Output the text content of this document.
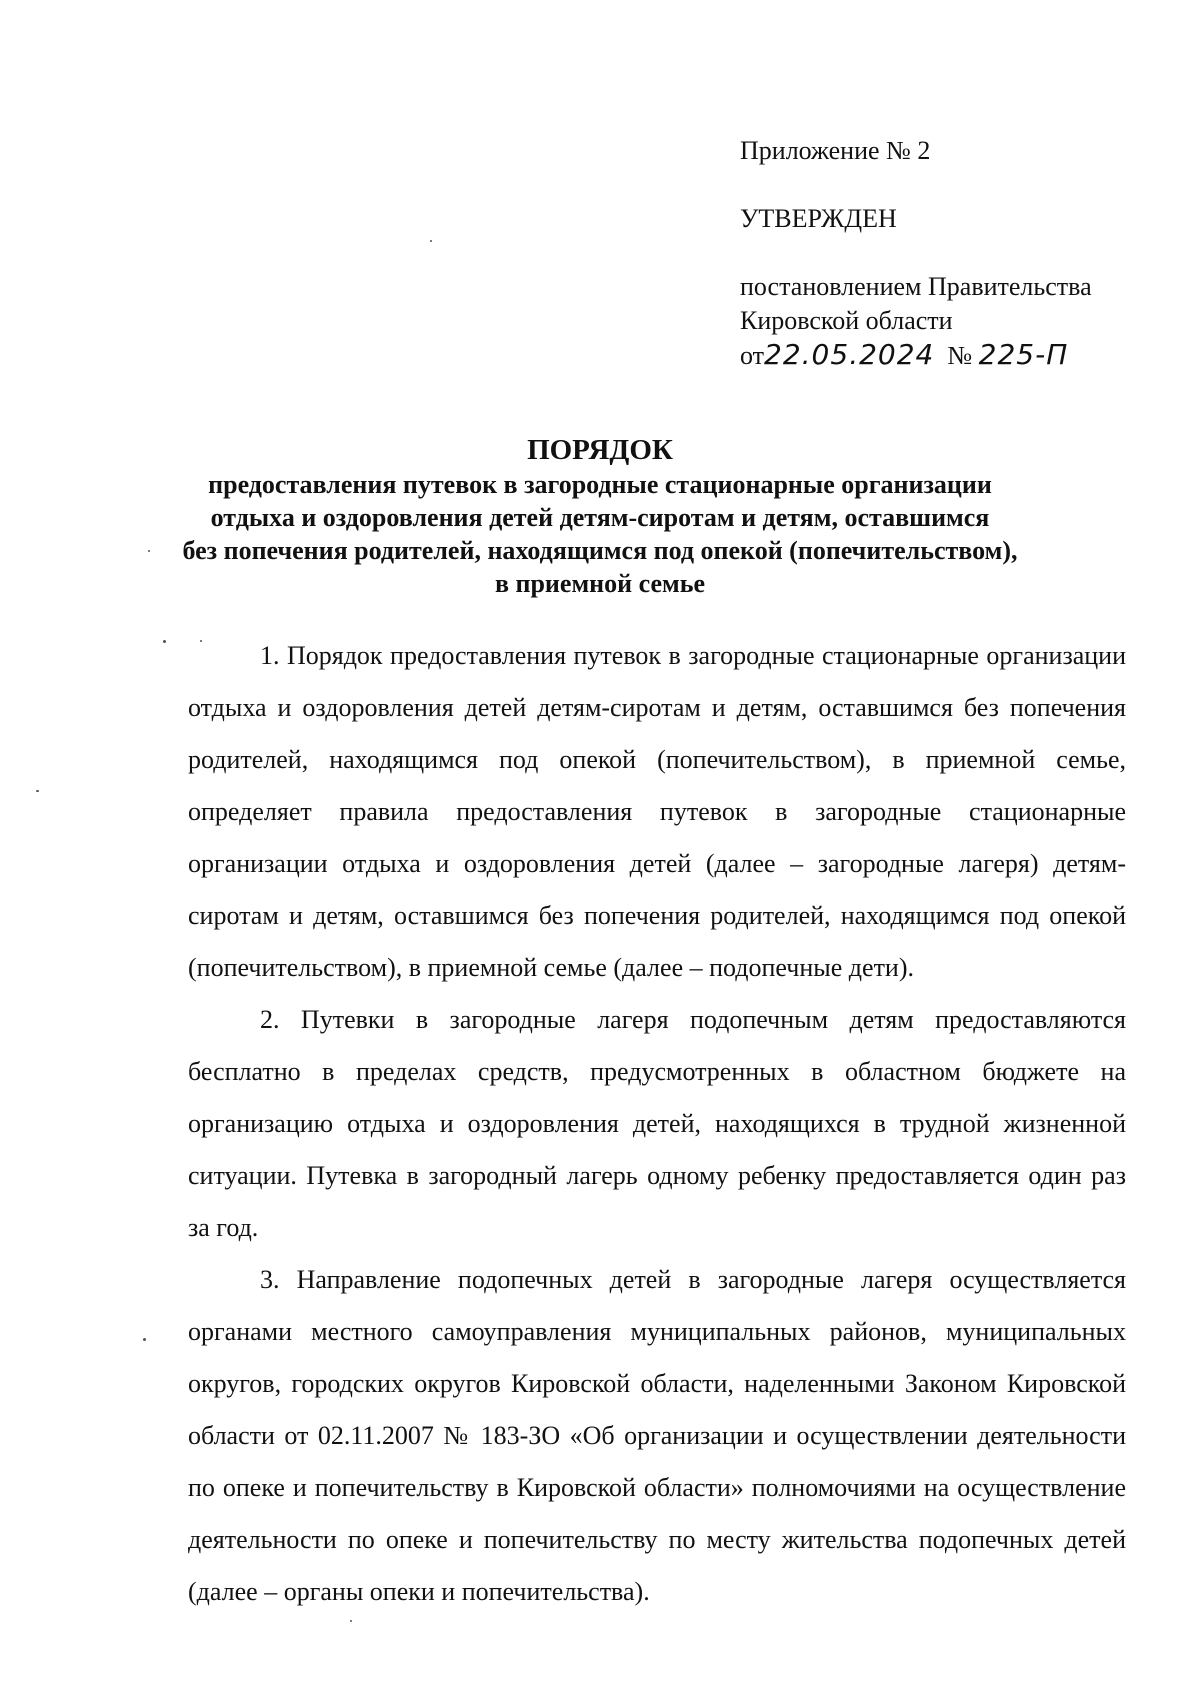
Приложение № 2
УТВЕРЖДЕН
постановлением Правительства
Кировской области
от22.05.2024 № 225-П
ПОРЯДОК
предоставления путевок в загородные стационарные организации
отдыха и оздоровления детей детям-сиротам и детям, оставшимся
без попечения родителей, находящимся под опекой (попечительством),
в приемной семье

1. Порядок предоставления путевок в загородные стационарные организации отдыха и оздоровления детей детям-сиротам и детям, оставшимся без попечения родителей, находящимся под опекой (попечительством), в приемной семье, определяет правила предоставления путевок в загородные стационарные организации отдыха и оздоровления детей (далее – загородные лагеря) детям-сиротам и детям, оставшимся без попечения родителей, находящимся под опекой (попечительством), в приемной семье (далее – подопечные дети).

2. Путевки в загородные лагеря подопечным детям предоставляются бесплатно в пределах средств, предусмотренных в областном бюджете на организацию отдыха и оздоровления детей, находящихся в трудной жизненной ситуации. Путевка в загородный лагерь одному ребенку предоставляется один раз за год.

3. Направление подопечных детей в загородные лагеря осуществляется органами местного самоуправления муниципальных районов, муниципальных округов, городских округов Кировской области, наделенными Законом Кировской области от 02.11.2007 № 183-ЗО «Об организации и осуществлении деятельности по опеке и попечительству в Кировской области» полномочиями на осуществление деятельности по опеке и попечительству по месту жительства подопечных детей (далее – органы опеки и попечительства).
